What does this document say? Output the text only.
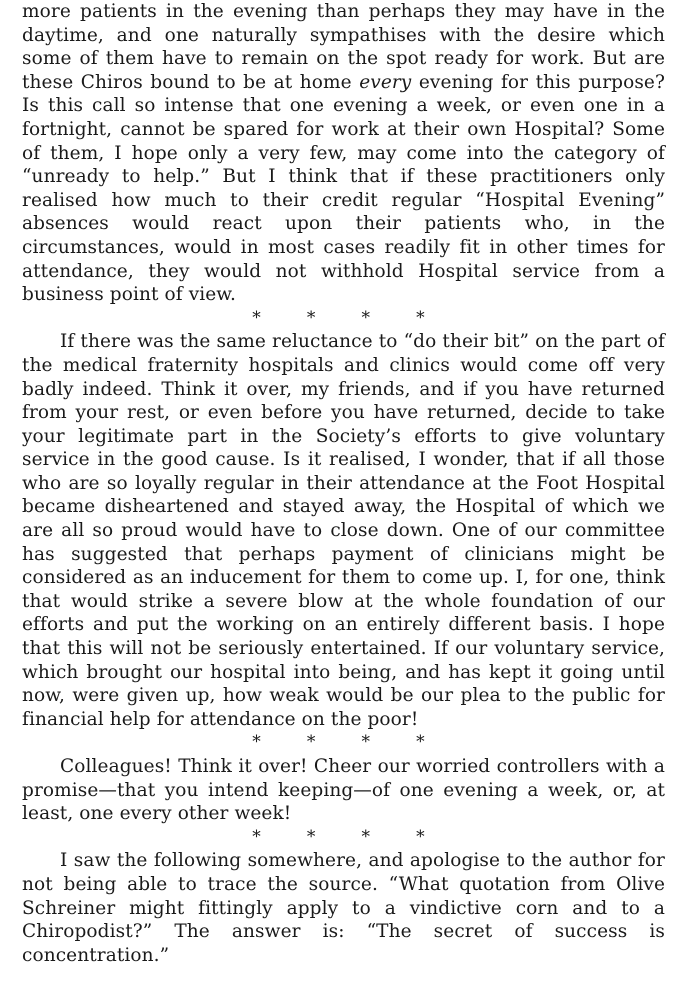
more patients in the evening than perhaps they may have in the daytime, and one naturally sympathises with the desire which some of them have to remain on the spot ready for work. But are these Chiros bound to be at home every evening for this purpose? Is this call so intense that one evening a week, or even one in a fortnight, cannot be spared for work at their own Hospital? Some of them, I hope only a very few, may come into the category of “unready to help.” But I think that if these practitioners only realised how much to their credit regular “Hospital Evening” absences would react upon their patients who, in the circumstances, would in most cases readily fit in other times for attendance, they would not withhold Hospital service from a business point of view.

*	*	*	*

If there was the same reluctance to “do their bit” on the part of the medical fraternity hospitals and clinics would come off very badly indeed. Think it over, my friends, and if you have returned from your rest, or even before you have returned, decide to take your legitimate part in the Society’s efforts to give voluntary service in the good cause. Is it realised, I wonder, that if all those who are so loyally regular in their attendance at the Foot Hospital became disheartened and stayed away, the Hospital of which we are all so proud would have to close down. One of our committee has suggested that perhaps payment of clinicians might be considered as an inducement for them to come up. I, for one, think that would strike a severe blow at the whole foundation of our efforts and put the working on an entirely different basis. I hope that this will not be seriously entertained. If our voluntary service, which brought our hospital into being, and has kept it going until now, were given up, how weak would be our plea to the public for financial help for attendance on the poor!

*	*	*	*

Colleagues! Think it over! Cheer our worried controllers with a promise—that you intend keeping—of one evening a week, or, at least, one every other week!

*	*	*	*

I saw the following somewhere, and apologise to the author for not being able to trace the source. “What quotation from Olive Schreiner might fittingly apply to a vindictive corn and to a Chiropodist?” The answer is: “The secret of success is concentration.”
